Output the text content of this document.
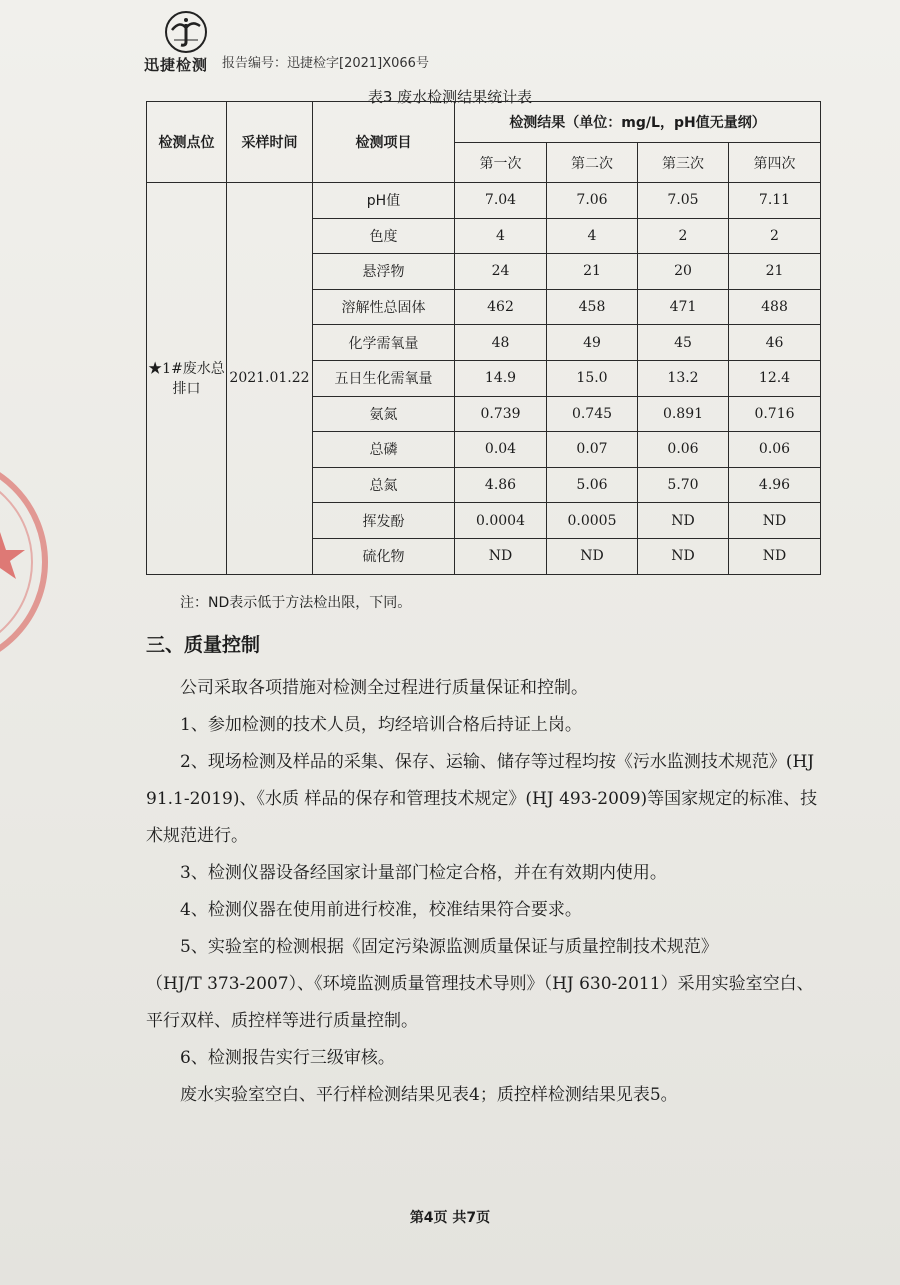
迅捷检测 报告编号：迅捷检字[2021]X066号
表3 废水检测结果统计表
检测点位	采样时间	检测项目	检测结果（单位：mg/L，pH值无量纲）			
			第一次	第二次	第三次	第四次
★1#废水总排口	2021.01.22	pH值	7.04	7.06	7.05	7.11
		色度	4	4	2	2
		悬浮物	24	21	20	21
		溶解性总固体	462	458	471	488
		化学需氧量	48	49	45	46
		五日生化需氧量	14.9	15.0	13.2	12.4
		氨氮	0.739	0.745	0.891	0.716
		总磷	0.04	0.07	0.06	0.06
		总氮	4.86	5.06	5.70	4.96
		挥发酚	0.0004	0.0005	ND	ND
		硫化物	ND	ND	ND	ND
注：ND表示低于方法检出限，下同。
三、质量控制

公司采取各项措施对检测全过程进行质量保证和控制。

1、参加检测的技术人员，均经培训合格后持证上岗。

2、现场检测及样品的采集、保存、运输、储存等过程均按《污水监测技术规范》(HJ 91.1-2019)、《水质 样品的保存和管理技术规定》(HJ 493-2009)等国家规定的标准、技术规范进行。

3、检测仪器设备经国家计量部门检定合格，并在有效期内使用。

4、检测仪器在使用前进行校准，校准结果符合要求。

5、实验室的检测根据《固定污染源监测质量保证与质量控制技术规范》

（HJ/T 373-2007）、《环境监测质量管理技术导则》（HJ 630-2011）采用实验室空白、平行双样、质控样等进行质量控制。

6、检测报告实行三级审核。

废水实验室空白、平行样检测结果见表4；质控样检测结果见表5。

第4页 共7页
